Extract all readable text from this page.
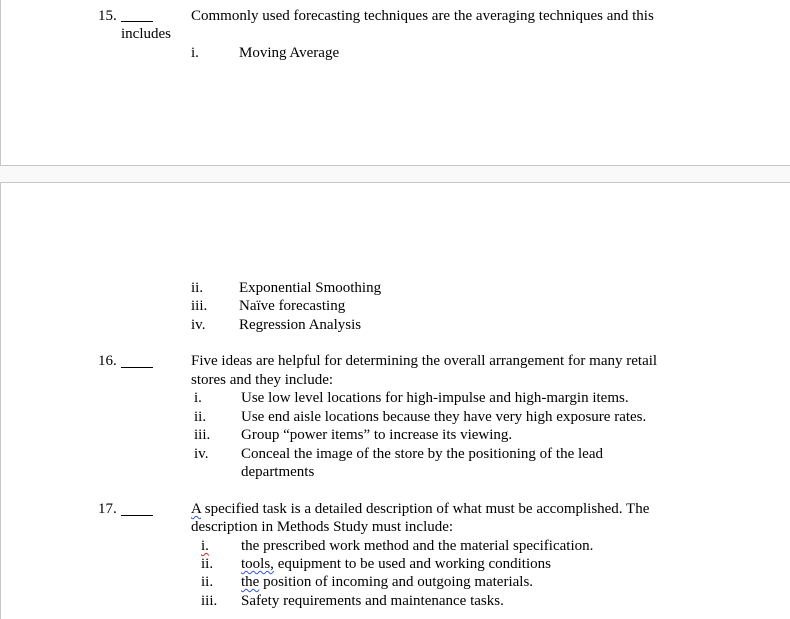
15.	Commonly used forecasting techniques are the averaging techniques and this
includes
i.	Moving Average
ii. Exponential Smoothing
iii. Naïve forecasting
iv. Regression Analysis
16.	Five ideas are helpful for determining the overall arrangement for many retail
stores and they include:
i.	Use low level locations for high-impulse and high-margin items.
ii. Use end aisle locations because they have very high exposure rates.
iii. Group “power items” to increase its viewing.
iv. Conceal the image of the store by the positioning of the lead
departments
17.	A specified task is a detailed description of what must be accomplished. The
description in Methods Study must include:
i. the prescribed work method and the material specification.
ii. tools, equipment to be used and working conditions
ii. the position of incoming and outgoing materials.
iii. Safety requirements and maintenance tasks.
